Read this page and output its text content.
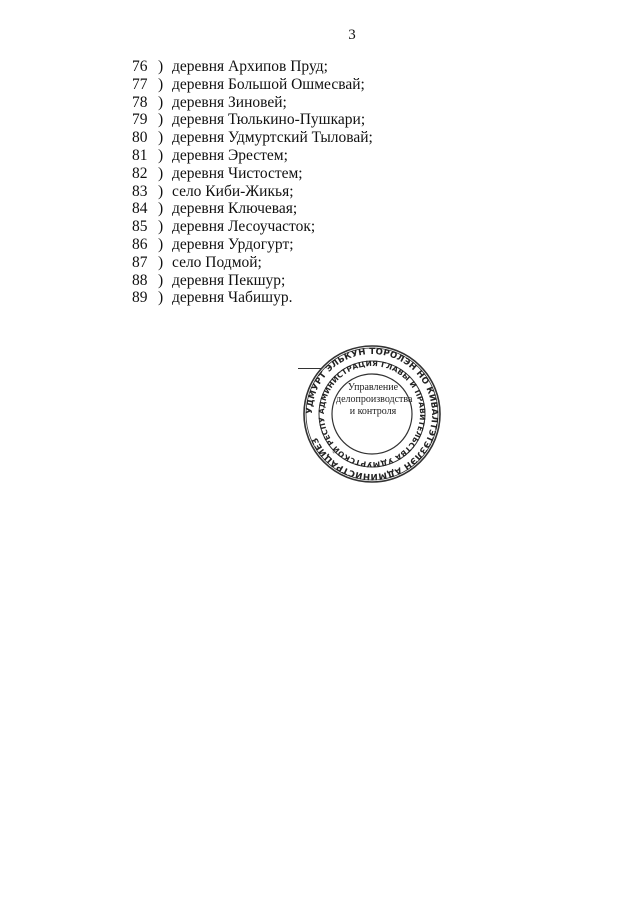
3
76 ) деревня Архипов Пруд;
77 ) деревня Большой Ошмесвай;
78 ) деревня Зиновей;
79 ) деревня Тюлькино-Пушкари;
80 ) деревня Удмуртский Тыловай;
81 ) деревня Эрестем;
82 ) деревня Чистостем;
83 ) село Киби-Жикья;
84 ) деревня Ключевая;
85 ) деревня Лесоучасток;
86 ) деревня Урдогурт;
87 ) село Подмой;
88 ) деревня Пекшур;
89 ) деревня Чабишур.
УДМУРТ ЭЛЬКУН ТОРОЛЭН НО КИВАЛТЭТЭЗЛЭН АДМИНИСТРАЦИЕЗ
АДМИНИСТРАЦИЯ ГЛАВЫ И ПРАВИТЕЛЬСТВА УДМУРТСКОЙ РЕСПУ
Управление
делопроизводства
и контроля
